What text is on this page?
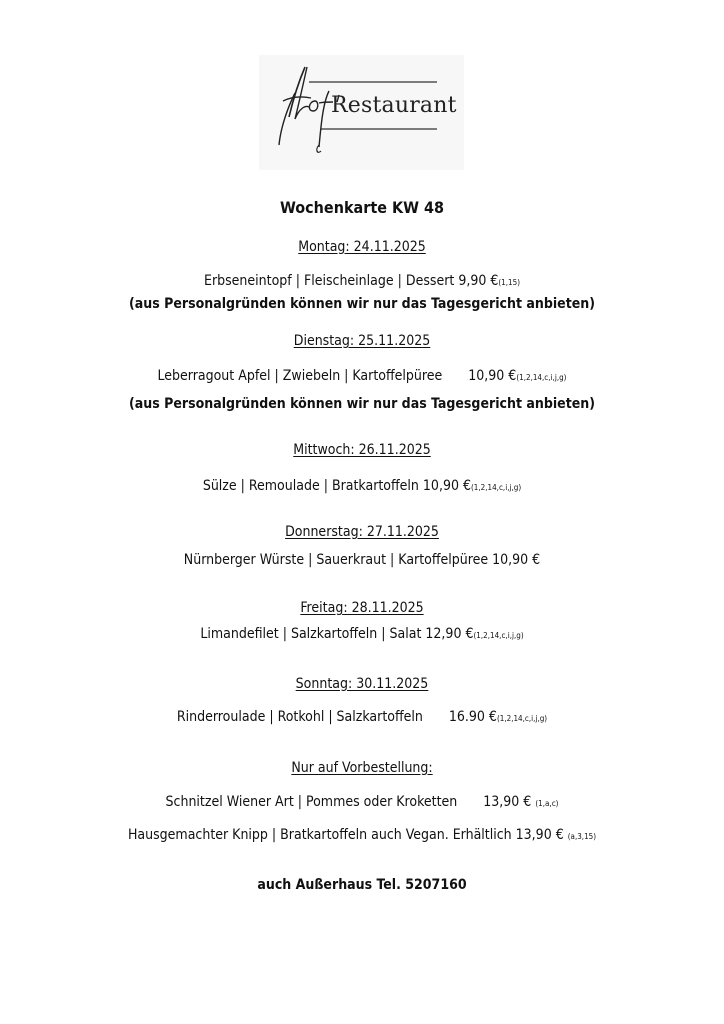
Restaurant
Wochenkarte KW 48
Montag: 24.11.2025
Erbseneintopf | Fleischeinlage | Dessert 9,90 €(1,15)
(aus Personalgründen können wir nur das Tagesgericht anbieten)
Dienstag: 25.11.2025
Leberragout Apfel | Zwiebeln | Kartoffelpüree 10,90 €(1,2,14,c,i,j,g)
(aus Personalgründen können wir nur das Tagesgericht anbieten)
Mittwoch: 26.11.2025
Sülze | Remoulade | Bratkartoffeln 10,90 €(1,2,14,c,i,j,g)
Donnerstag: 27.11.2025
Nürnberger Würste | Sauerkraut | Kartoffelpüree 10,90 €
Freitag: 28.11.2025
Limandefilet | Salzkartoffeln | Salat 12,90 €(1,2,14,c,i,j,g)
Sonntag: 30.11.2025
Rinderroulade | Rotkohl | Salzkartoffeln 16.90 €(1,2,14,c,i,j,g)
Nur auf Vorbestellung:
Schnitzel Wiener Art | Pommes oder Kroketten 13,90 € (1,a,c)
Hausgemachter Knipp | Bratkartoffeln auch Vegan. Erhältlich 13,90 € (a,3,15)
auch Außerhaus Tel. 5207160
